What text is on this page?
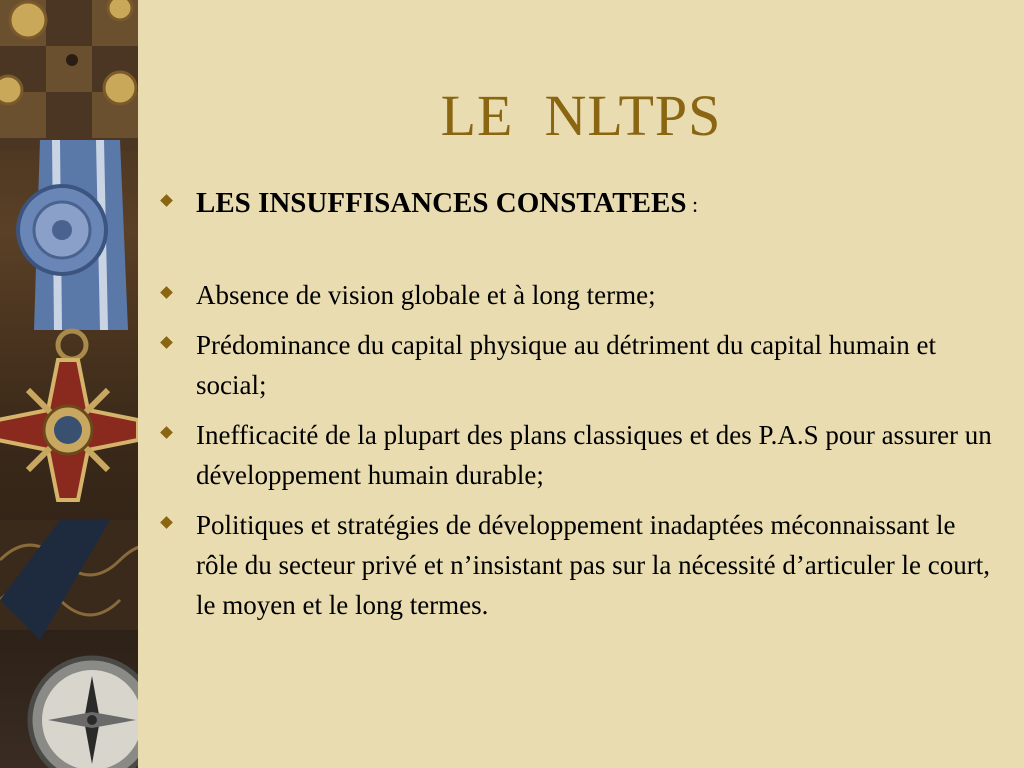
LE  NLTPS
LES INSUFFISANCES CONSTATEES :
Absence de vision globale et à long terme;
Prédominance du capital physique au détriment du capital humain et social;
Inefficacité de la plupart des plans classiques et des P.A.S pour assurer un développement humain durable;
Politiques et stratégies de développement inadaptées méconnaissant le rôle du secteur privé et n’insistant pas sur la nécessité d’articuler le court, le moyen et le long termes.
